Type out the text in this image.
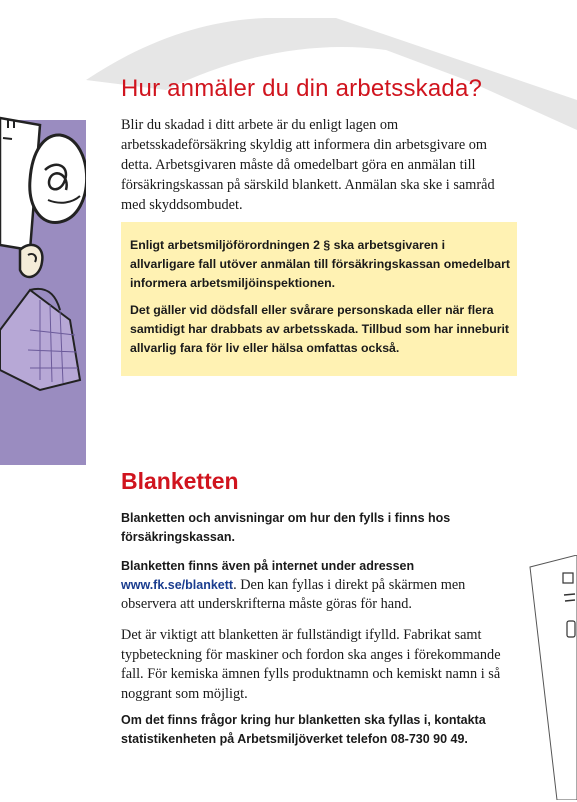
Hur anmäler du din arbetsskada?

Blir du skadad i ditt arbete är du enligt lagen om arbetsskadeförsäkring skyldig att informera din arbetsgivare om detta. Arbetsgivaren måste då omedelbart göra en anmälan till försäkringskassan på särskild blankett. Anmälan ska ske i samråd med skyddsombudet.

Enligt arbetsmiljöförordningen 2 § ska arbetsgivaren i allvarligare fall utöver anmälan till försäkringskassan omedelbart informera arbetsmiljöinspektionen.

Det gäller vid dödsfall eller svårare personskada eller när flera samtidigt har drabbats av arbetsskada. Tillbud som har inneburit allvarlig fara för liv eller hälsa omfattas också.

Blanketten

Blanketten och anvisningar om hur den fylls i finns hos försäkringskassan.

Blanketten finns även på internet under adressen
www.fk.se/blankett. Den kan fyllas i direkt på skärmen men observera att underskrifterna måste göras för hand.

Det är viktigt att blanketten är fullständigt ifylld. Fabrikat samt typbeteckning för maskiner och fordon ska anges i förekommande fall. För kemiska ämnen fylls produktnamn och kemiskt namn i så noggrant som möjligt.

Om det finns frågor kring hur blanketten ska fyllas i, kontakta statistikenheten på Arbetsmiljöverket telefon 08-730 90 49.
